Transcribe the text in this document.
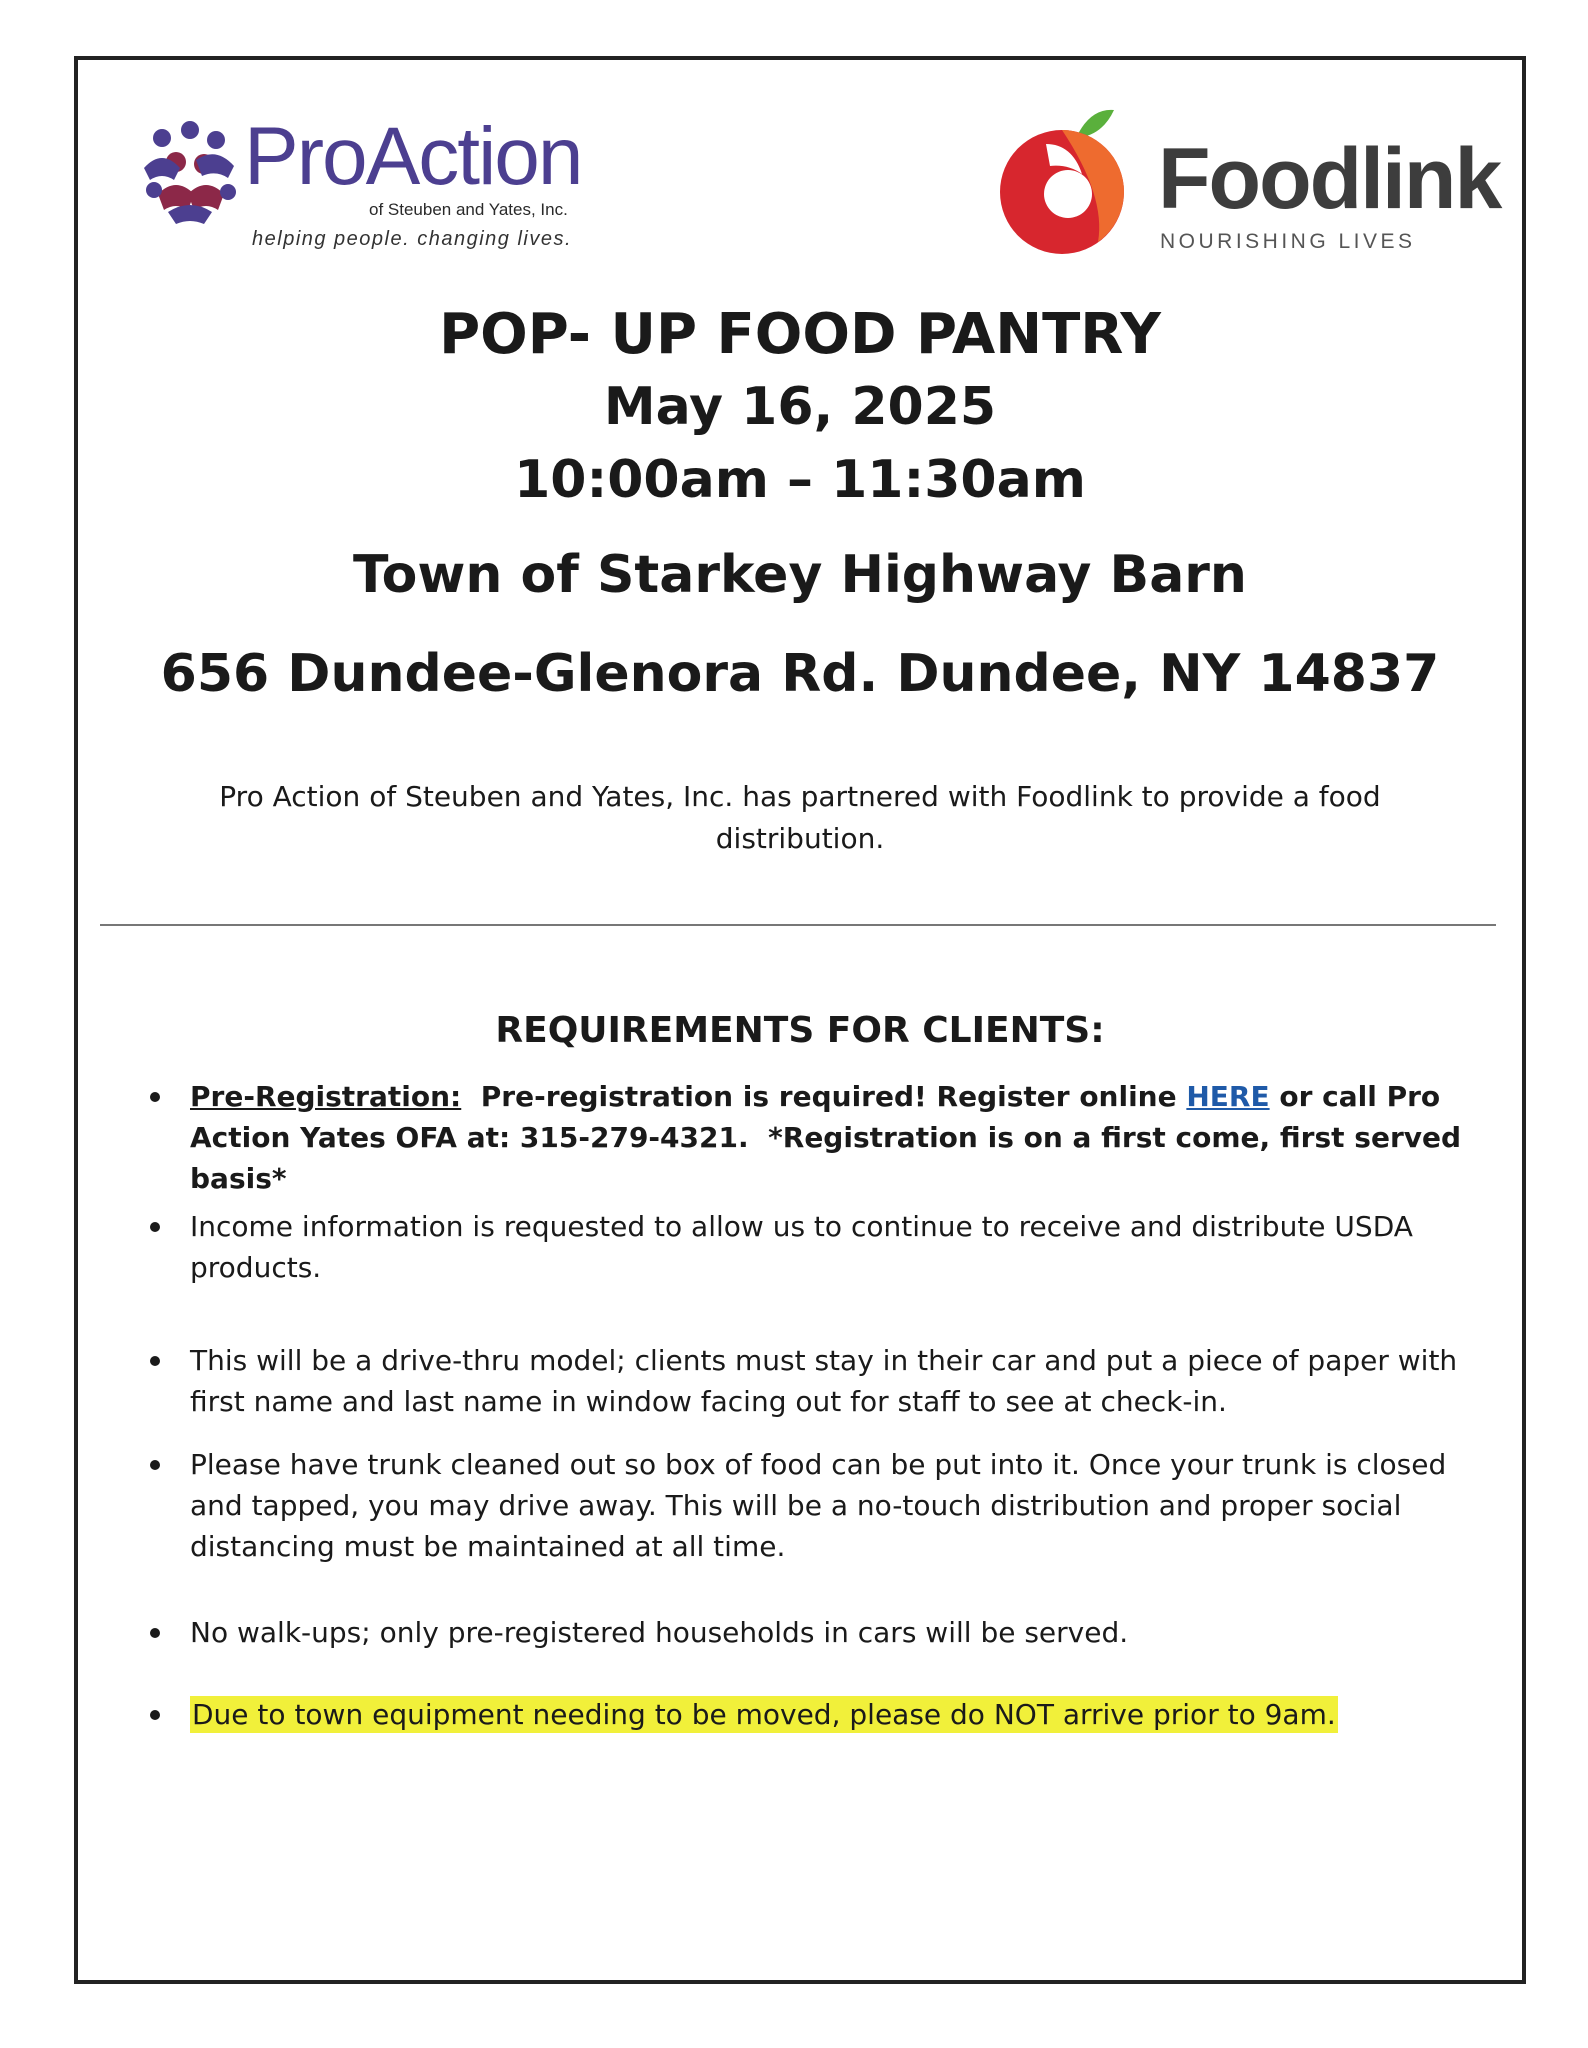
ProAction
of Steuben and Yates, Inc.
helping people. changing lives.
Foodlink
NOURISHING LIVES
POP- UP FOOD PANTRY
May 16, 2025
10:00am – 11:30am
Town of Starkey Highway Barn
656 Dundee-Glenora Rd. Dundee, NY 14837
Pro Action of Steuben and Yates, Inc. has partnered with Foodlink to provide a food distribution.
REQUIREMENTS FOR CLIENTS:
Pre-Registration:  Pre-registration is required! Register online HERE or call Pro Action Yates OFA at: 315-279-4321.  *Registration is on a first come, first served basis*
Income information is requested to allow us to continue to receive and distribute USDA products.
This will be a drive-thru model; clients must stay in their car and put a piece of paper with first name and last name in window facing out for staff to see at check-in.
Please have trunk cleaned out so box of food can be put into it. Once your trunk is closed and tapped, you may drive away. This will be a no-touch distribution and proper social distancing must be maintained at all time.
No walk-ups; only pre-registered households in cars will be served.
Due to town equipment needing to be moved, please do NOT arrive prior to 9am.
